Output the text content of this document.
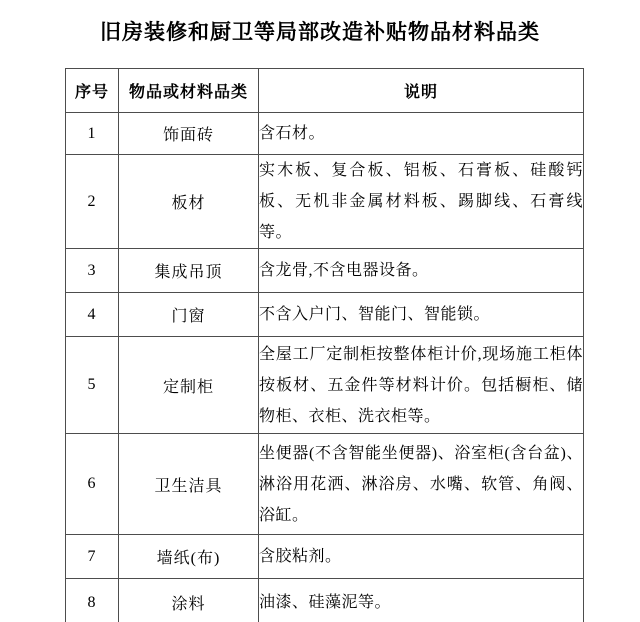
旧房装修和厨卫等局部改造补贴物品材料品类
序号	物品或材料品类	说明
1	饰面砖	含石材。
2	板材	实木板、复合板、铝板、石膏板、硅酸钙板、无机非金属材料板、踢脚线、石膏线等。
3	集成吊顶	含龙骨,不含电器设备。
4	门窗	不含入户门、智能门、智能锁。
5	定制柜	全屋工厂定制柜按整体柜计价,现场施工柜体按板材、五金件等材料计价。包括橱柜、储物柜、衣柜、洗衣柜等。
6	卫生洁具	坐便器(不含智能坐便器)、浴室柜(含台盆)、淋浴用花洒、淋浴房、水嘴、软管、角阀、浴缸。
7	墙纸(布)	含胶粘剂。
8	涂料	油漆、硅藻泥等。
